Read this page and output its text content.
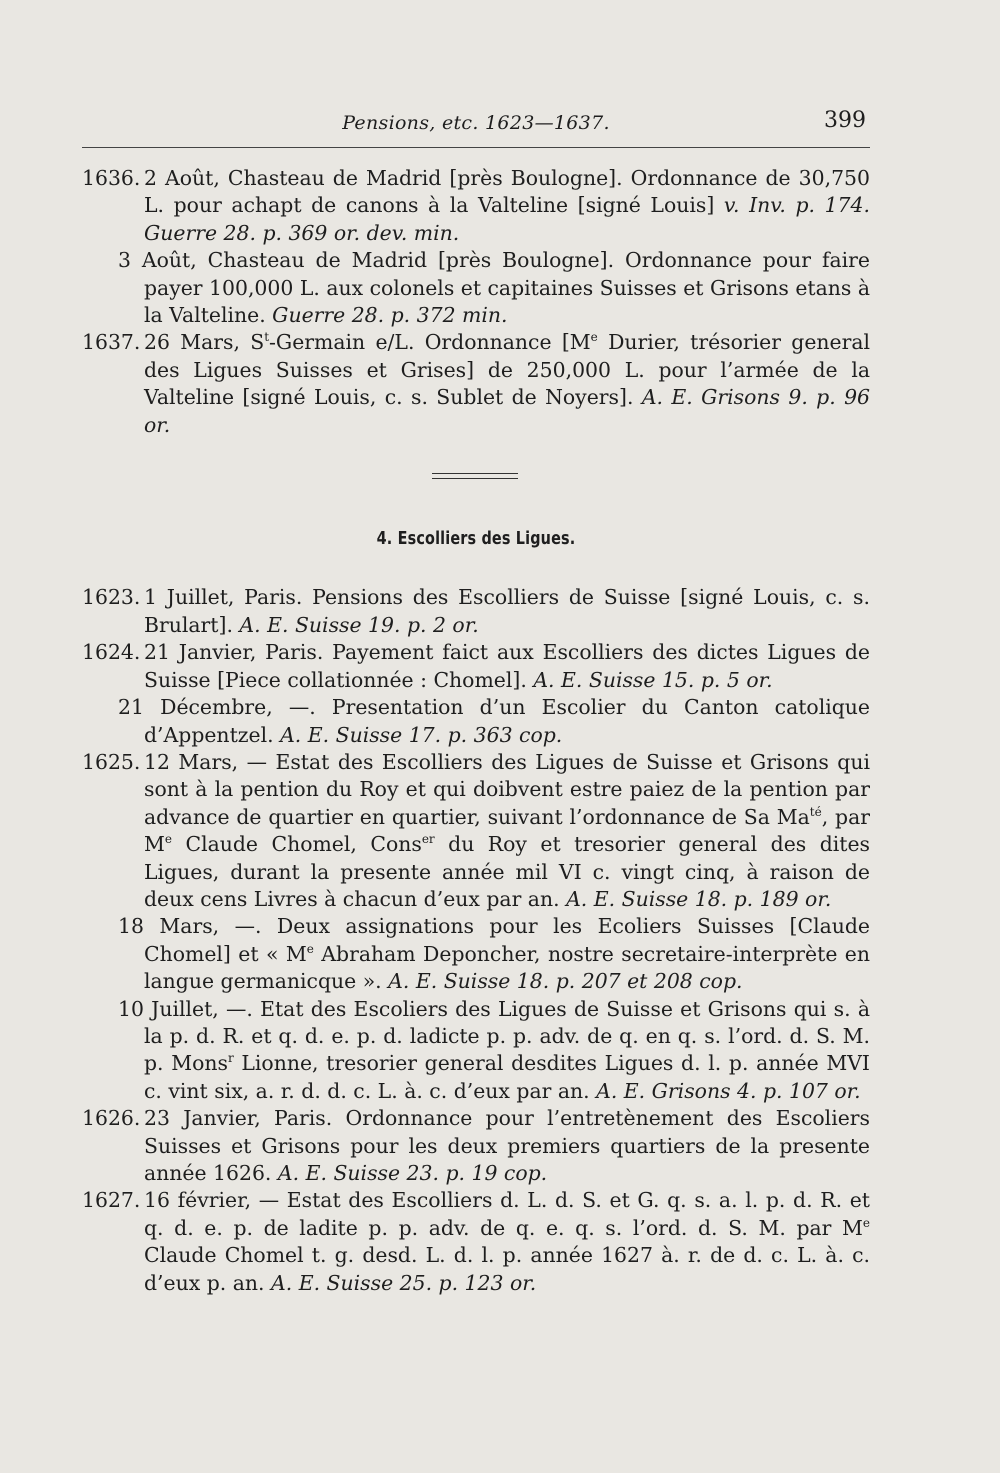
Pensions, etc. 1623—1637.	399

1636. 2 Août, Chasteau de Madrid [près Boulogne]. Ordonnance de 30,750 L. pour achapt de canons à la Valteline [signé Louis] v. Inv. p. 174. Guerre 28. p. 369 or. dev. min.

3 Août, Chasteau de Madrid [près Boulogne]. Ordonnance pour faire payer 100,000 L. aux colonels et capitaines Suisses et Grisons etans à la Valteline. Guerre 28. p. 372 min.

1637. 26 Mars, $S^t$-Germain e/L. Ordonnance [Me Durier, trésorier general des Ligues Suisses et Grises] de 250,000 L. pour l’armée de la Valteline [signé Louis, c. s. Sublet de Noyers]. A. E. Grisons 9. p. 96 or.

4. Escolliers des Ligues.

1623. 1 Juillet, Paris. Pensions des Escolliers de Suisse [signé Louis, c. s. Brulart]. A. E. Suisse 19. p. 2 or.

1624. 21 Janvier, Paris. Payement faict aux Escolliers des dictes Ligues de Suisse [Piece collationnée : Chomel]. A. E. Suisse 15. p. 5 or.

21 Décembre, —. Presentation d’un Escolier du Canton catolique d’Appentzel. A. E. Suisse 17. p. 363 cop.

1625. 12 Mars, — Estat des Escolliers des Ligues de Suisse et Grisons qui sont à la pention du Roy et qui doibvent estre paiez de la pention par advance de quartier en quartier, suivant l’ordonnance de Sa $Ma^{té}$, par Me Claude Chomel, Cons$^{er}$ du Roy et tresorier general des dites Ligues, durant la presente année mil VI c. vingt cinq, à raison de deux cens Livres à chacun d’eux par an. A. E. Suisse 18. p. 189 or.

18 Mars, —. Deux assignations pour les Ecoliers Suisses [Claude Chomel] et « Me Abraham Deponcher, nostre secretaire-interprète en langue germanicque ». A. E. Suisse 18. p. 207 et 208 cop.

10 Juillet, —. Etat des Escoliers des Ligues de Suisse et Grisons qui s. à la p. d. R. et q. d. e. p. d. ladicte p. p. adv. de q. en q. s. l’ord. d. S. M. p. Mons$^r$ Lionne, tresorier general desdites Ligues d. l. p. année MVI c. vint six, a. r. d. d. c. L. à. c. d’eux par an. A. E. Grisons 4. p. 107 or.

1626. 23 Janvier, Paris. Ordonnance pour l’entretènement des Escoliers Suisses et Grisons pour les deux premiers quartiers de la presente année 1626. A. E. Suisse 23. p. 19 cop.

1627. 16 février, — Estat des Escolliers d. L. d. S. et G. q. s. a. l. p. d. R. et q. d. e. p. de ladite p. p. adv. de q. e. q. s. l’ord. d. S. M. par Me Claude Chomel t. g. desd. L. d. l. p. année 1627 à. r. de d. c. L. à. c. d’eux p. an. A. E. Suisse 25. p. 123 or.
